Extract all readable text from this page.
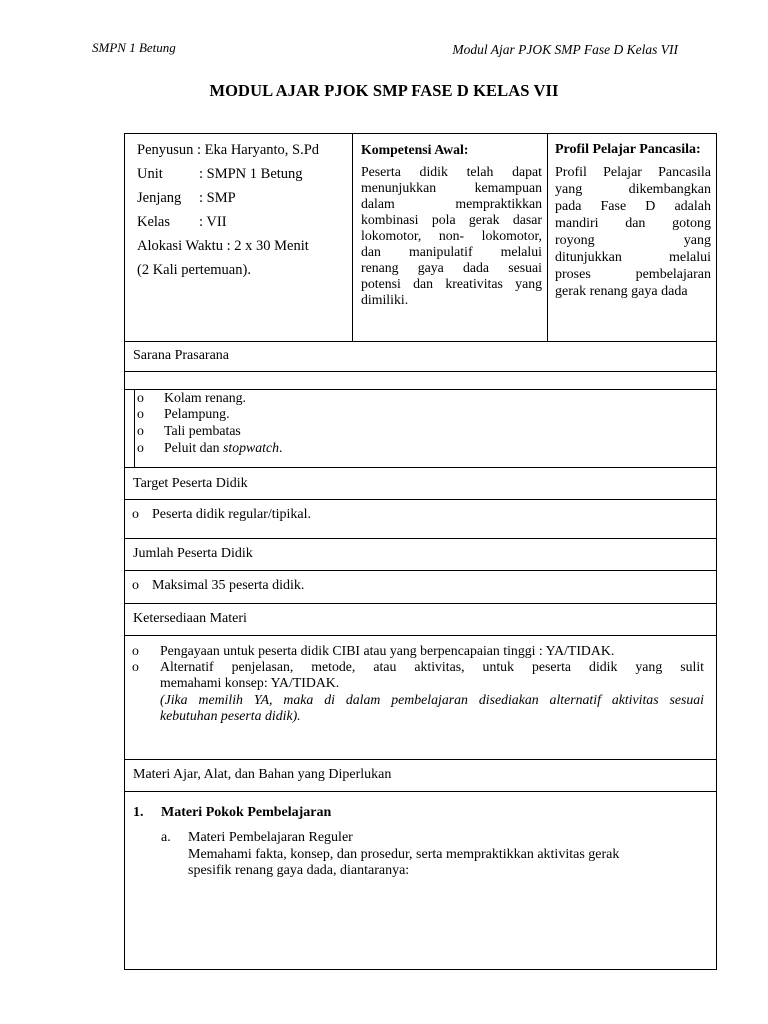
SMPN 1 Betung	Modul Ajar PJOK SMP Fase D Kelas VII
MODUL AJAR PJOK SMP FASE D KELAS VII
Penyusun : Eka Haryanto, S.Pd
Unit : SMPN 1 Betung
Jenjang : SMP
Kelas : VII
Alokasi Waktu : 2 x 30 Menit
(2 Kali pertemuan).
Kompetensi Awal:
Peserta didik telah dapat
menunjukkan kemampuan
dalam mempraktikkan
kombinasi pola gerak dasar
lokomotor, non- lokomotor,
dan manipulatif melalui
renang gaya dada sesuai
potensi dan kreativitas yang
dimiliki.
Profil Pelajar Pancasila:
Profil Pelajar Pancasila
yang dikembangkan
pada Fase D adalah
mandiri dan gotong
royong yang
ditunjukkan melalui
proses pembelajaran
gerak renang gaya dada
Sarana Prasarana
o Kolam renang.
o Pelampung.
o Tali pembatas
o Peluit dan stopwatch.
Target Peserta Didik
o Peserta didik regular/tipikal.
Jumlah Peserta Didik
o Maksimal 35 peserta didik.
Ketersediaan Materi
o Pengayaan untuk peserta didik CIBI atau yang berpencapaian tinggi : YA/TIDAK.
o Alternatif penjelasan, metode, atau aktivitas, untuk peserta didik yang sulit
memahami konsep: YA/TIDAK.
(Jika memilih YA, maka di dalam pembelajaran disediakan alternatif aktivitas sesuai
kebutuhan peserta didik).
Materi Ajar, Alat, dan Bahan yang Diperlukan
1. Materi Pokok Pembelajaran
a. Materi Pembelajaran Reguler
Memahami fakta, konsep, dan prosedur, serta mempraktikkan aktivitas gerak
spesifik renang gaya dada, diantaranya:
